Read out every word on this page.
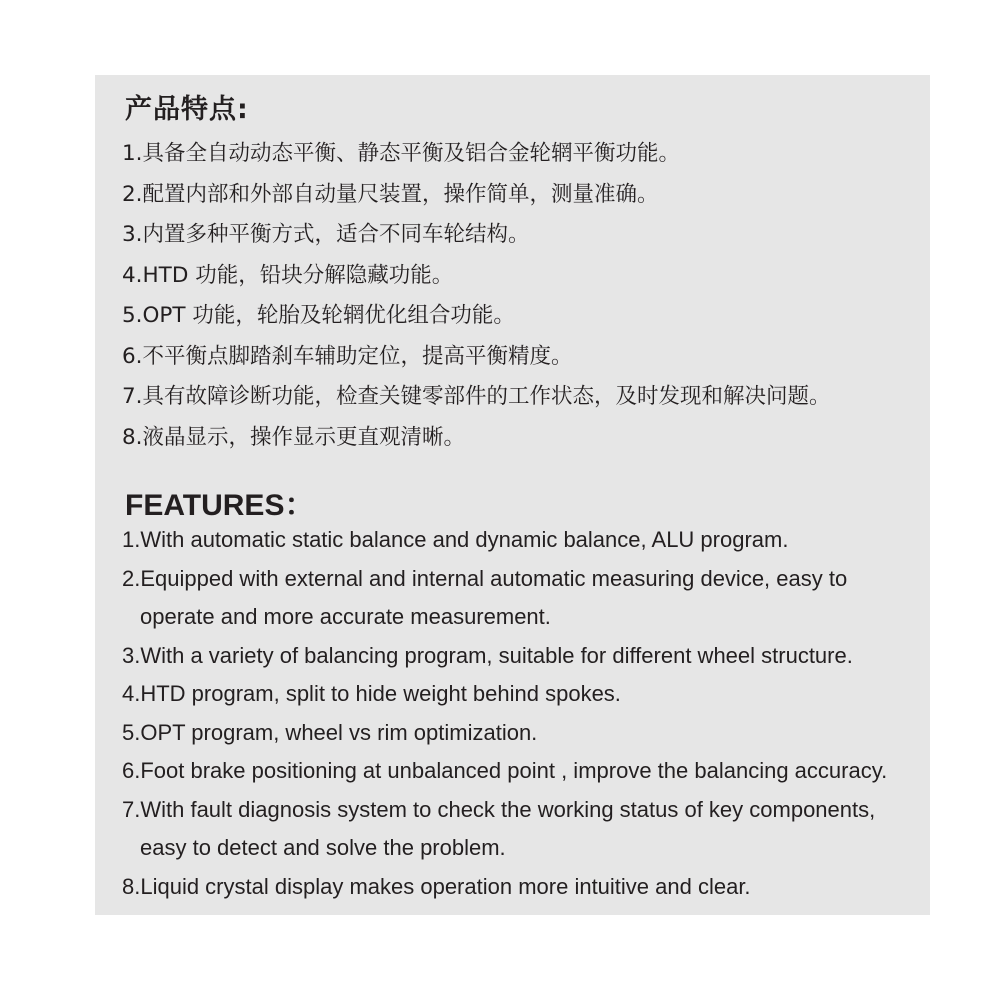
产品特点:
1.具备全自动动态平衡、静态平衡及铝合金轮辋平衡功能。
2.配置内部和外部自动量尺装置，操作简单，测量准确。
3.内置多种平衡方式，适合不同车轮结构。
4.HTD 功能，铅块分解隐藏功能。
5.OPT 功能，轮胎及轮辋优化组合功能。
6.不平衡点脚踏刹车辅助定位，提高平衡精度。
7.具有故障诊断功能，检查关键零部件的工作状态，及时发现和解决问题。
8.液晶显示，操作显示更直观清晰。
FEATURES：
1.With automatic static balance and dynamic balance, ALU program.
2.Equipped with external and internal automatic measuring device, easy to
operate and more accurate measurement.
3.With a variety of balancing program, suitable for different wheel structure.
4.HTD program, split to hide weight behind spokes.
5.OPT program, wheel vs rim optimization.
6.Foot brake positioning at unbalanced point , improve the balancing accuracy.
7.With fault diagnosis system to check the working status of key components,
easy to detect and solve the problem.
8.Liquid crystal display makes operation more intuitive and clear.
